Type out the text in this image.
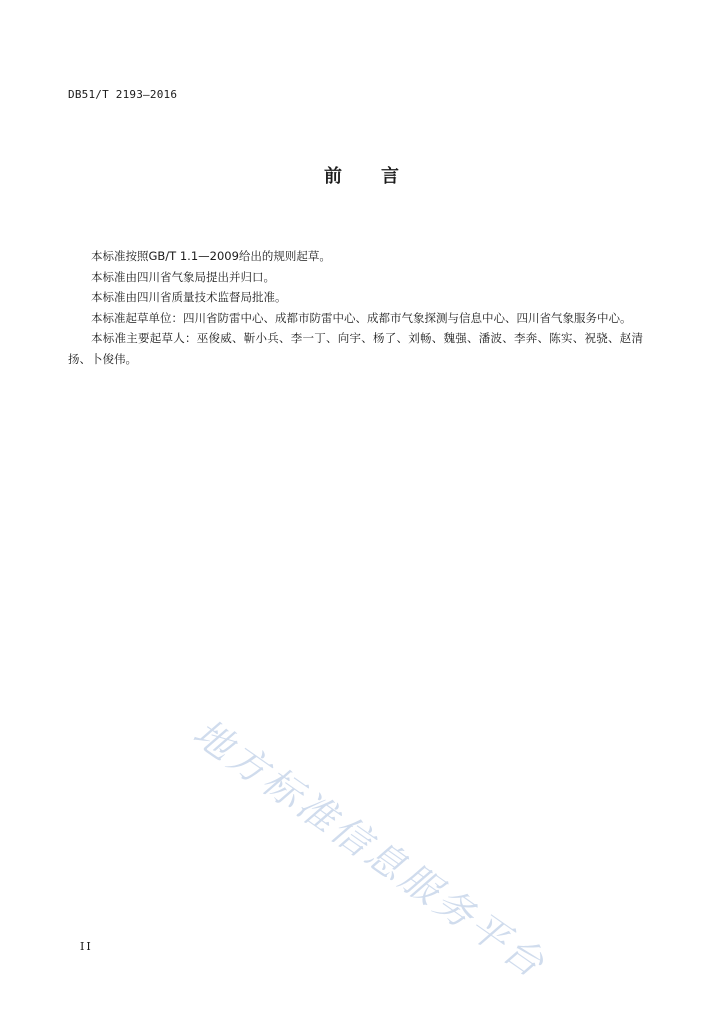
DB51/T 2193—2016
前 言

本标准按照GB/T 1.1—2009给出的规则起草。

本标准由四川省气象局提出并归口。

本标准由四川省质量技术监督局批准。

本标准起草单位：四川省防雷中心、成都市防雷中心、成都市气象探测与信息中心、四川省气象服务中心。

本标准主要起草人：巫俊威、靳小兵、李一丁、向宇、杨了、刘畅、魏强、潘波、李奔、陈实、祝骁、赵清扬、卜俊伟。

地方标准信息服务平台
II
